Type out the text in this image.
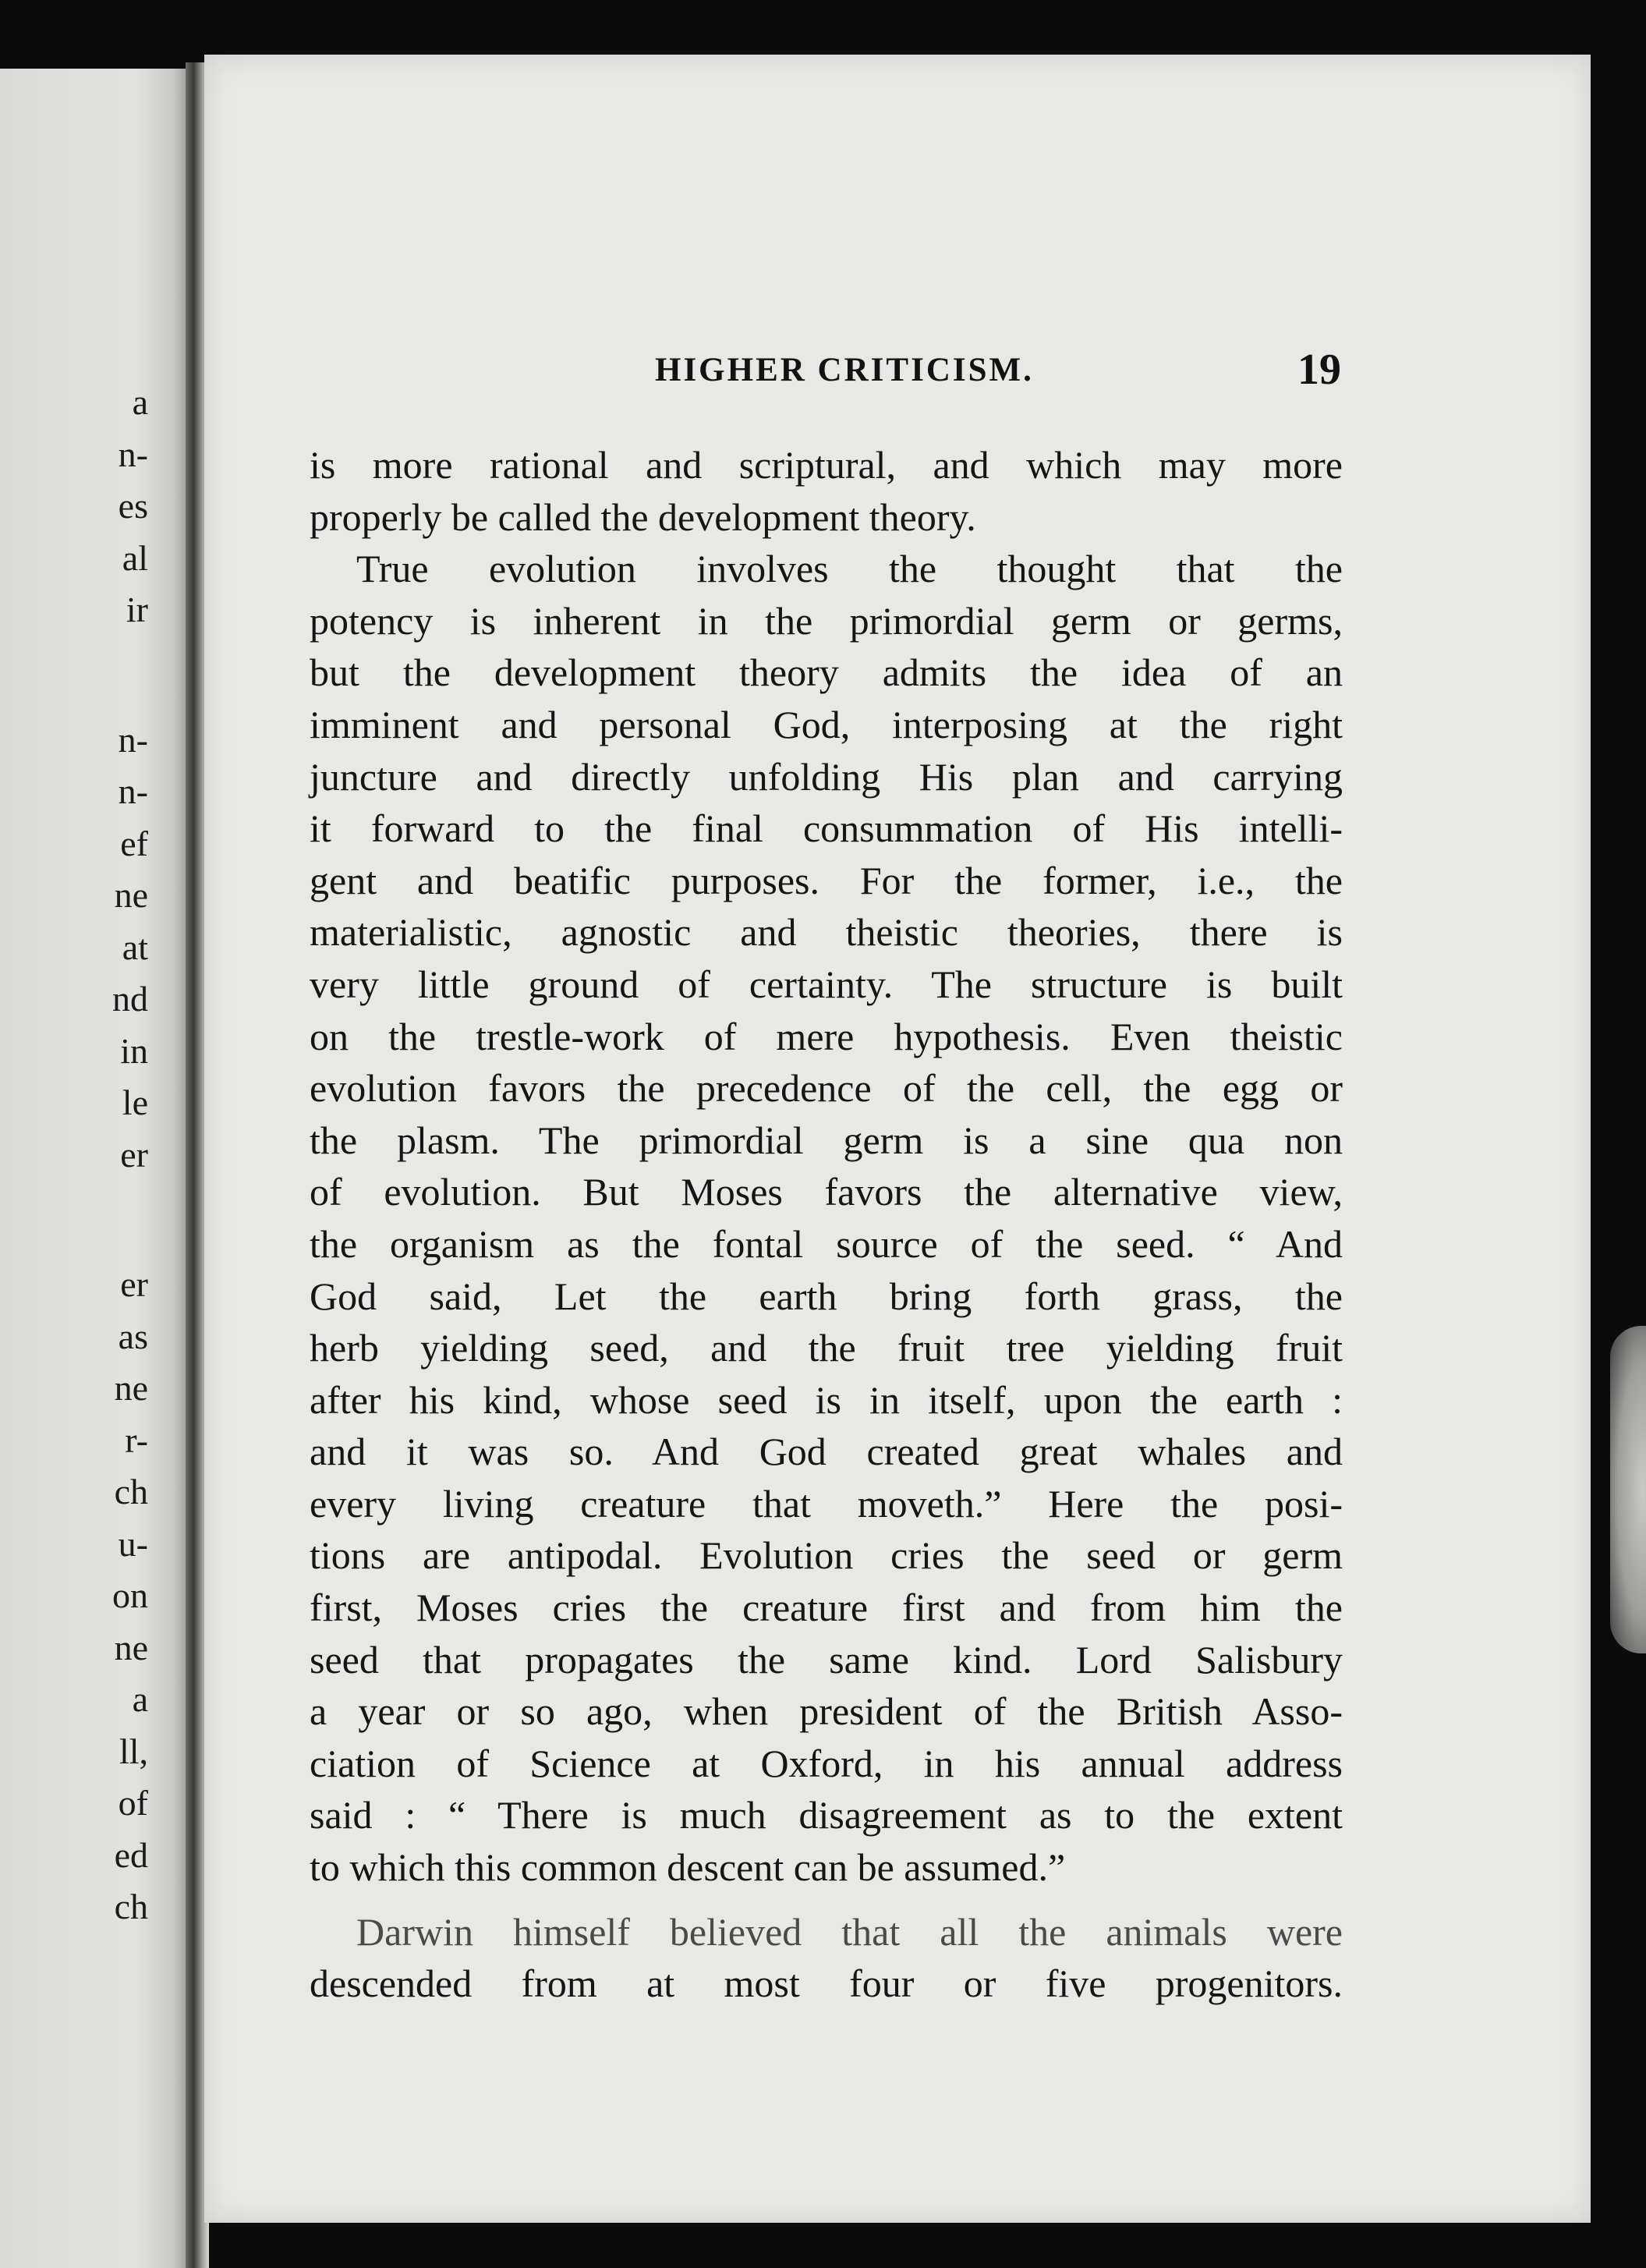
a
n-
es
al
ir
n-
n-
ef
ne
at
nd
in
le
er
er
as
ne
r-
ch
u-
on
ne
a
ll,
of
ed
ch
HIGHER CRITICISM.	19
is more rational and scriptural, and which may more
properly be called the development theory.
True evolution involves the thought that the
potency is inherent in the primordial germ or germs,
but the development theory admits the idea of an
imminent and personal God, interposing at the right
juncture and directly unfolding His plan and carrying
it forward to the final consummation of His intelli-
gent and beatific purposes. For the former, i.e., the
materialistic, agnostic and theistic theories, there is
very little ground of certainty. The structure is built
on the trestle-work of mere hypothesis. Even theistic
evolution favors the precedence of the cell, the egg or
the plasm. The primordial germ is a sine qua non
of evolution. But Moses favors the alternative view,
the organism as the fontal source of the seed. “ And
God said, Let the earth bring forth grass, the
herb yielding seed, and the fruit tree yielding fruit
after his kind, whose seed is in itself, upon the earth :
and it was so. And God created great whales and
every living creature that moveth.” Here the posi-
tions are antipodal. Evolution cries the seed or germ
first, Moses cries the creature first and from him the
seed that propagates the same kind. Lord Salisbury
a year or so ago, when president of the British Asso-
ciation of Science at Oxford, in his annual address
said : “ There is much disagreement as to the extent
to which this common descent can be assumed.”
Darwin himself believed that all the animals were
descended from at most four or five progenitors.
